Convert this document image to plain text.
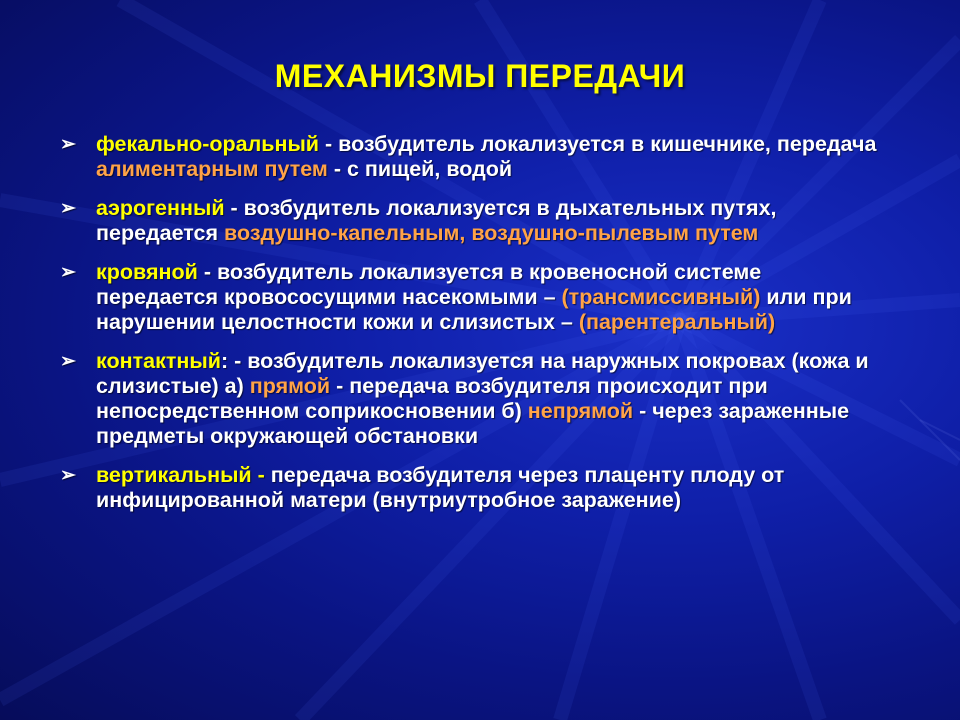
МЕХАНИЗМЫ ПЕРЕДАЧИ
➢ фекально-оральный - возбудитель локализуется в кишечнике, передача алиментарным путем - с пищей, водой
➢ аэрогенный - возбудитель локализуется в дыхательных путях, передается воздушно-капельным, воздушно-пылевым путем
➢ кровяной - возбудитель локализуется в кровеносной системе передается кровососущими насекомыми – (трансмиссивный) или при нарушении целостности кожи и слизистых – (парентеральный)
➢ контактный: - возбудитель локализуется на наружных покровах (кожа и слизистые) а) прямой - передача возбудителя происходит при непосредственном соприкосновении б) непрямой - через зараженные предметы окружающей обстановки
➢ вертикальный - передача возбудителя через плаценту плоду от инфицированной матери (внутриутробное заражение)
